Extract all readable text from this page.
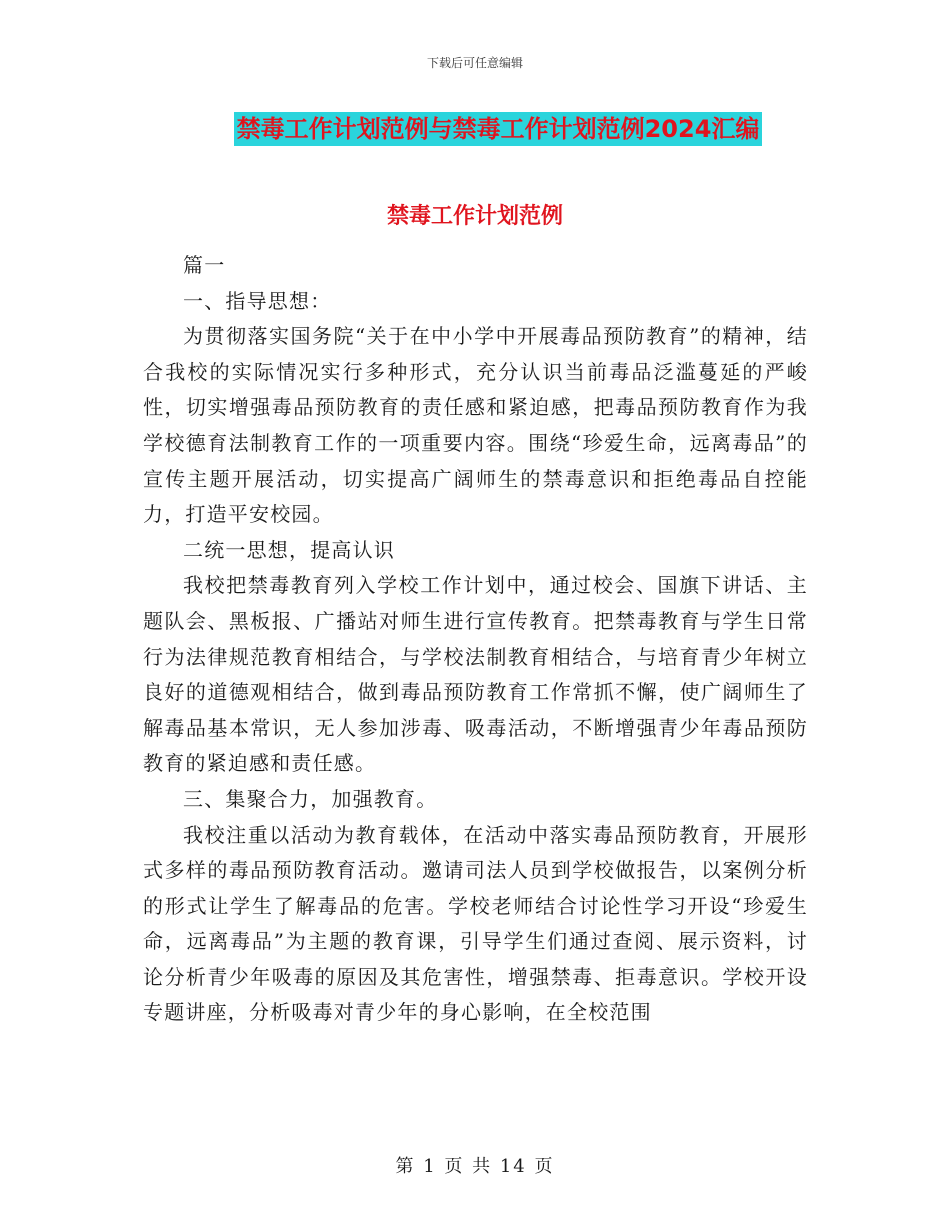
下载后可任意编辑
禁毒工作计划范例与禁毒工作计划范例2024汇编
禁毒工作计划范例

篇一

一、指导思想：

为贯彻落实国务院“关于在中小学中开展毒品预防教育”的精神，结合我校的实际情况实行多种形式，充分认识当前毒品泛滥蔓延的严峻性，切实增强毒品预防教育的责任感和紧迫感，把毒品预防教育作为我学校德育法制教育工作的一项重要内容。围绕“珍爱生命，远离毒品”的宣传主题开展活动，切实提高广阔师生的禁毒意识和拒绝毒品自控能力，打造平安校园。

二统一思想，提高认识

我校把禁毒教育列入学校工作计划中，通过校会、国旗下讲话、主题队会、黑板报、广播站对师生进行宣传教育。把禁毒教育与学生日常行为法律规范教育相结合，与学校法制教育相结合，与培育青少年树立良好的道德观相结合，做到毒品预防教育工作常抓不懈，使广阔师生了解毒品基本常识，无人参加涉毒、吸毒活动，不断增强青少年毒品预防教育的紧迫感和责任感。

三、集聚合力，加强教育。

我校注重以活动为教育载体，在活动中落实毒品预防教育，开展形式多样的毒品预防教育活动。邀请司法人员到学校做报告，以案例分析的形式让学生了解毒品的危害。学校老师结合讨论性学习开设“珍爱生命，远离毒品”为主题的教育课，引导学生们通过查阅、展示资料，讨论分析青少年吸毒的原因及其危害性，增强禁毒、拒毒意识。学校开设专题讲座，分析吸毒对青少年的身心影响，在全校范围

第 1 页 共 14 页
